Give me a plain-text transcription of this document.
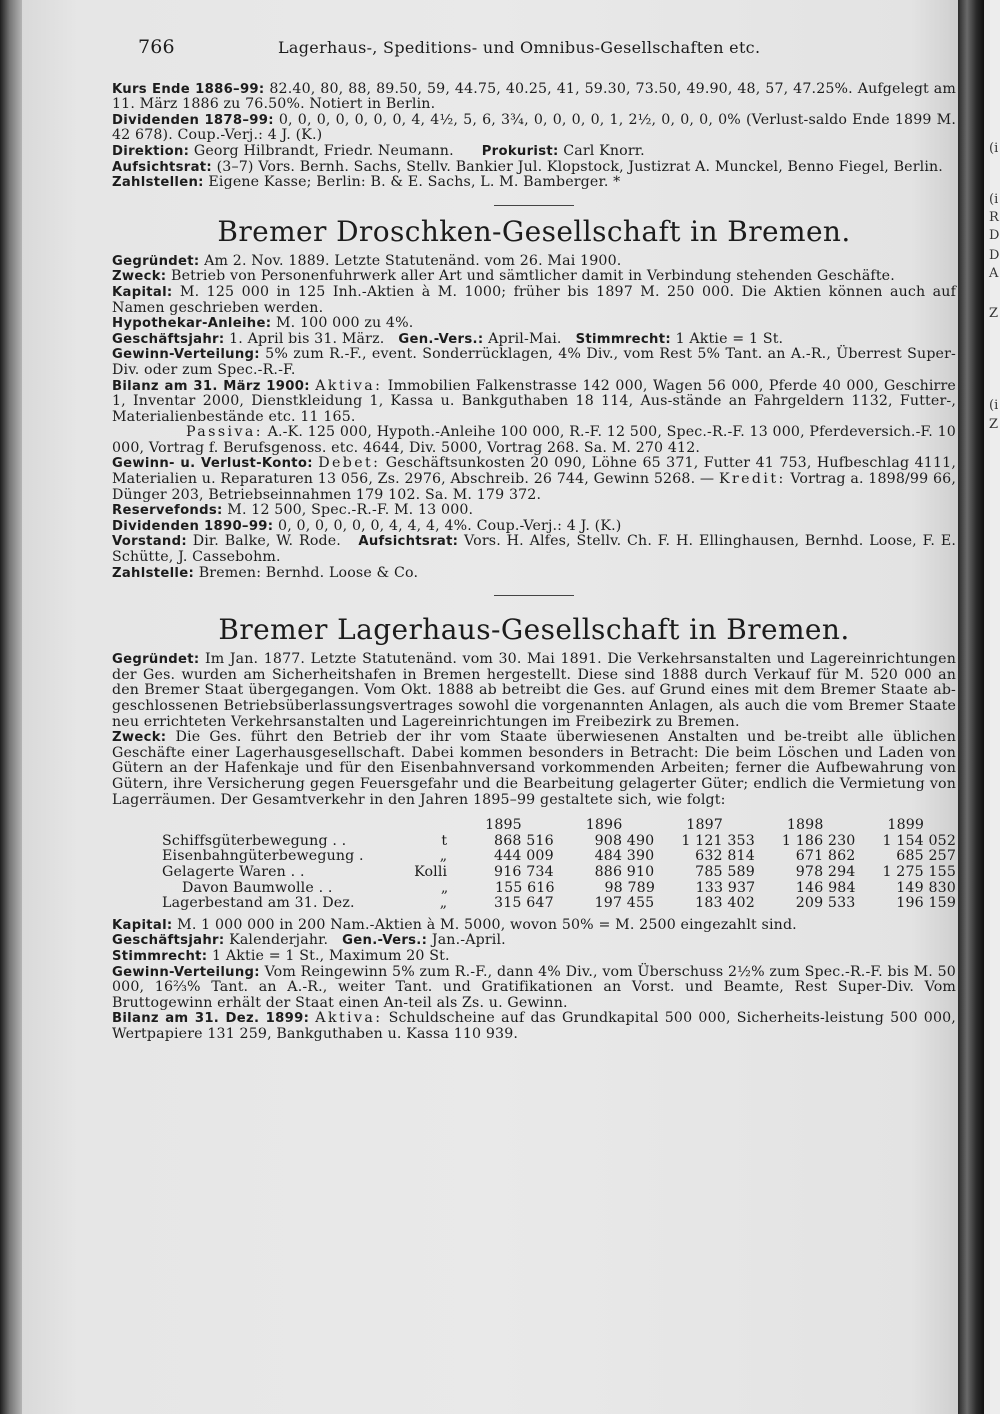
(i
(i
R
D
D
A
Z
(i
Z
766	Lagerhaus-, Speditions- und Omnibus-Gesellschaften etc.

Kurs Ende 1886–99: 82.40, 80, 88, 89.50, 59, 44.75, 40.25, 41, 59.30, 73.50, 49.90, 48, 57, 47.25%. Aufgelegt am 11. März 1886 zu 76.50%. Notiert in Berlin.

Dividenden 1878–99: 0, 0, 0, 0, 0, 0, 0, 4, 4½, 5, 6, 3¾, 0, 0, 0, 0, 1, 2½, 0, 0, 0, 0% (Verlust-saldo Ende 1899 M. 42 678). Coup.-Verj.: 4 J. (K.)

Direktion: Georg Hilbrandt, Friedr. Neumann. Prokurist: Carl Knorr.

Aufsichtsrat: (3–7) Vors. Bernh. Sachs, Stellv. Bankier Jul. Klopstock, Justizrat A. Munckel, Benno Fiegel, Berlin.

Zahlstellen: Eigene Kasse; Berlin: B. & E. Sachs, L. M. Bamberger. *

Bremer Droschken-Gesellschaft in Bremen.

Gegründet: Am 2. Nov. 1889. Letzte Statutenänd. vom 26. Mai 1900.

Zweck: Betrieb von Personenfuhrwerk aller Art und sämtlicher damit in Verbindung stehenden Geschäfte.

Kapital: M. 125 000 in 125 Inh.-Aktien à M. 1000; früher bis 1897 M. 250 000. Die Aktien können auch auf Namen geschrieben werden.

Hypothekar-Anleihe: M. 100 000 zu 4%.

Geschäftsjahr: 1. April bis 31. März. Gen.-Vers.: April-Mai. Stimmrecht: 1 Aktie = 1 St.

Gewinn-Verteilung: 5% zum R.-F., event. Sonderrücklagen, 4% Div., vom Rest 5% Tant. an A.-R., Überrest Super-Div. oder zum Spec.-R.-F.

Bilanz am 31. März 1900: Aktiva: Immobilien Falkenstrasse 142 000, Wagen 56 000, Pferde 40 000, Geschirre 1, Inventar 2000, Dienstkleidung 1, Kassa u. Bankguthaben 18 114, Aus-stände an Fahrgeldern 1132, Futter-, Materialienbestände etc. 11 165.

Passiva: A.-K. 125 000, Hypoth.-Anleihe 100 000, R.-F. 12 500, Spec.-R.-F. 13 000, Pferdeversich.-F. 10 000, Vortrag f. Berufsgenoss. etc. 4644, Div. 5000, Vortrag 268. Sa. M. 270 412.

Gewinn- u. Verlust-Konto: Debet: Geschäftsunkosten 20 090, Löhne 65 371, Futter 41 753, Hufbeschlag 4111, Materialien u. Reparaturen 13 056, Zs. 2976, Abschreib. 26 744, Gewinn 5268. — Kredit: Vortrag a. 1898/99 66, Dünger 203, Betriebseinnahmen 179 102. Sa. M. 179 372.

Reservefonds: M. 12 500, Spec.-R.-F. M. 13 000.

Dividenden 1890–99: 0, 0, 0, 0, 0, 0, 4, 4, 4, 4%. Coup.-Verj.: 4 J. (K.)

Vorstand: Dir. Balke, W. Rode. Aufsichtsrat: Vors. H. Alfes, Stellv. Ch. F. H. Ellinghausen, Bernhd. Loose, F. E. Schütte, J. Cassebohm.

Zahlstelle: Bremen: Bernhd. Loose & Co.

Bremer Lagerhaus-Gesellschaft in Bremen.

Gegründet: Im Jan. 1877. Letzte Statutenänd. vom 30. Mai 1891. Die Verkehrsanstalten und Lagereinrichtungen der Ges. wurden am Sicherheitshafen in Bremen hergestellt. Diese sind 1888 durch Verkauf für M. 520 000 an den Bremer Staat übergegangen. Vom Okt. 1888 ab betreibt die Ges. auf Grund eines mit dem Bremer Staate ab-geschlossenen Betriebsüberlassungsvertrages sowohl die vorgenannten Anlagen, als auch die vom Bremer Staate neu errichteten Verkehrsanstalten und Lagereinrichtungen im Freibezirk zu Bremen.

Zweck: Die Ges. führt den Betrieb der ihr vom Staate überwiesenen Anstalten und be-treibt alle üblichen Geschäfte einer Lagerhausgesellschaft. Dabei kommen besonders in Betracht: Die beim Löschen und Laden von Gütern an der Hafenkaje und für den Eisenbahnversand vorkommenden Arbeiten; ferner die Aufbewahrung von Gütern, ihre Versicherung gegen Feuersgefahr und die Bearbeitung gelagerter Güter; endlich die Vermietung von Lagerräumen. Der Gesamtverkehr in den Jahren 1895–99 gestaltete sich, wie folgt:

1895	1896	1897	1898	1899
Schiffsgüterbewegung . .	t	868 516	908 490	1 121 353	1 186 230	1 154 052
Eisenbahngüterbewegung .	„	444 009	484 390	632 814	671 862	685 257
Gelagerte Waren . .	Kolli	916 734	886 910	785 589	978 294	1 275 155
Davon Baumwolle . .	„	155 616	98 789	133 937	146 984	149 830
Lagerbestand am 31. Dez.	„	315 647	197 455	183 402	209 533	196 159

Kapital: M. 1 000 000 in 200 Nam.-Aktien à M. 5000, wovon 50% = M. 2500 eingezahlt sind.

Geschäftsjahr: Kalenderjahr. Gen.-Vers.: Jan.-April.

Stimmrecht: 1 Aktie = 1 St., Maximum 20 St.

Gewinn-Verteilung: Vom Reingewinn 5% zum R.-F., dann 4% Div., vom Überschuss 2½% zum Spec.-R.-F. bis M. 50 000, 16⅔% Tant. an A.-R., weiter Tant. und Gratifikationen an Vorst. und Beamte, Rest Super-Div. Vom Bruttogewinn erhält der Staat einen An-teil als Zs. u. Gewinn.

Bilanz am 31. Dez. 1899: Aktiva: Schuldscheine auf das Grundkapital 500 000, Sicherheits-leistung 500 000, Wertpapiere 131 259, Bankguthaben u. Kassa 110 939.
